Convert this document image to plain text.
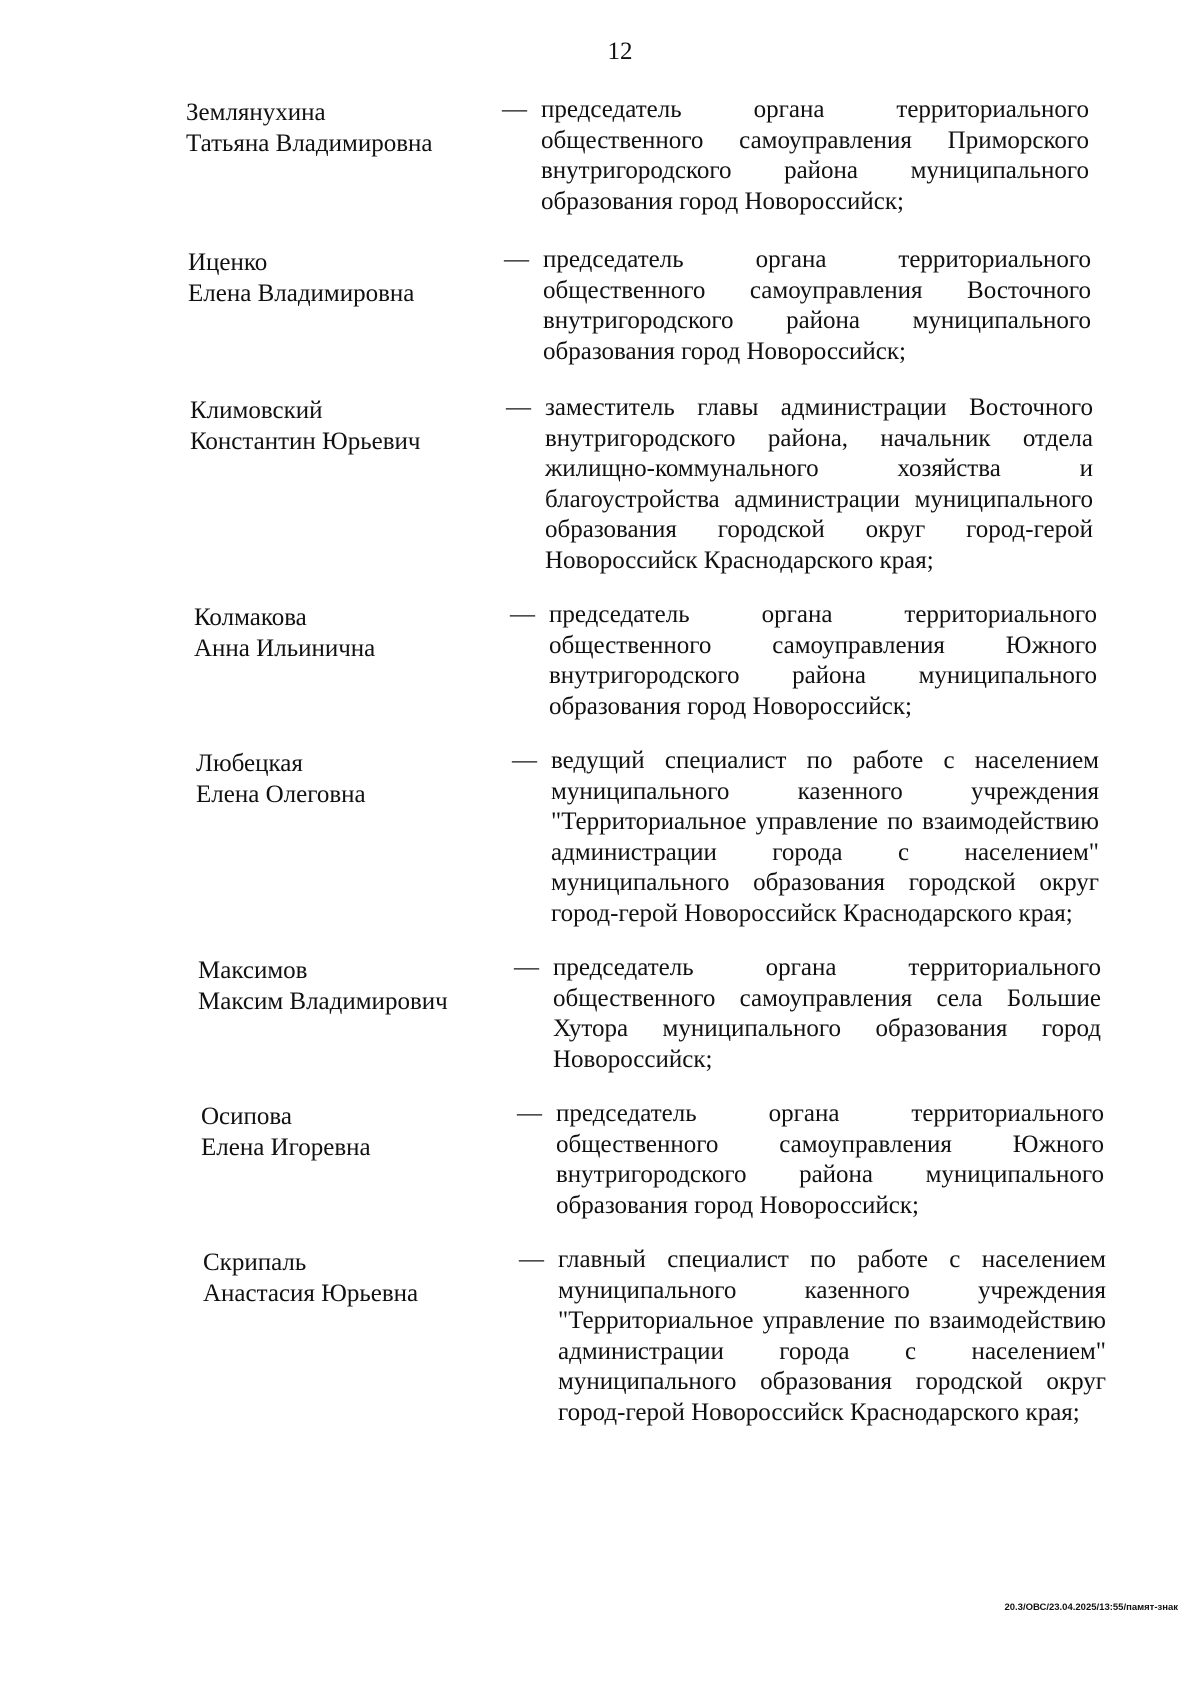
12
Землянухина
Татьяна Владимировна
— председатель органа территориального общественного самоуправления Приморского внутригородского района муниципального образования город Новороссийск;
Иценко
Елена Владимировна
— председатель органа территориального общественного самоуправления Восточного внутригородского района муниципального образования город Новороссийск;
Климовский
Константин Юрьевич
— заместитель главы администрации Восточного внутригородского района, начальник отдела жилищно-коммунального хозяйства и благоустройства администрации муниципального образования городской округ город-герой Новороссийск Краснодарского края;
Колмакова
Анна Ильинична
— председатель органа территориального общественного самоуправления Южного внутригородского района муниципального образования город Новороссийск;
Любецкая
Елена Олеговна
— ведущий специалист по работе с населением муниципального казенного учреждения "Территориальное управление по взаимодействию администрации города с населением" муниципального образования городской округ город-герой Новороссийск Краснодарского края;
Максимов
Максим Владимирович
— председатель органа территориального общественного самоуправления села Большие Хутора муниципального образования город Новороссийск;
Осипова
Елена Игоревна
— председатель органа территориального общественного самоуправления Южного внутригородского района муниципального образования город Новороссийск;
Скрипаль
Анастасия Юрьевна
— главный специалист по работе с населением муниципального казенного учреждения "Территориальное управление по взаимодействию администрации города с населением" муниципального образования городской округ город-герой Новороссийск Краснодарского края;
20.3/ОВС/23.04.2025/13:55/памят-знак
